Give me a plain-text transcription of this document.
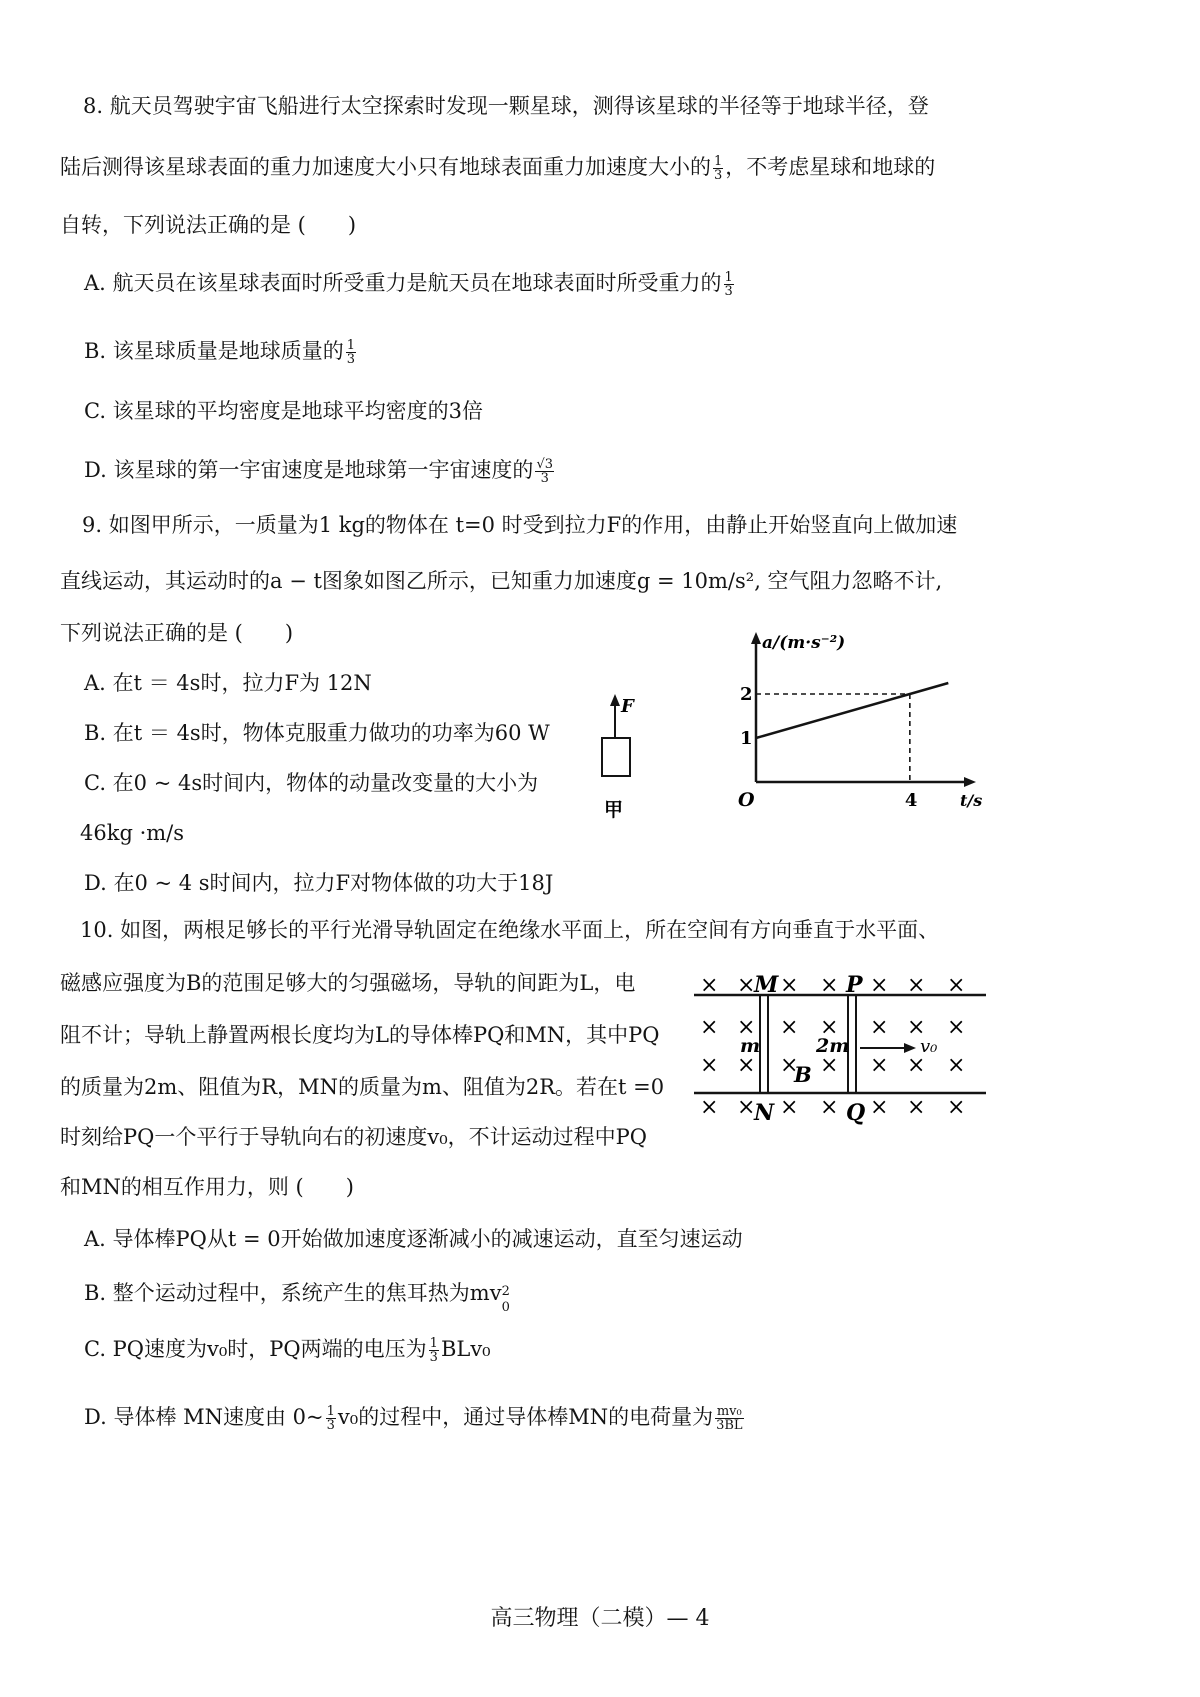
8. 航天员驾驶宇宙飞船进行太空探索时发现一颗星球，测得该星球的半径等于地球半径，登
陆后测得该星球表面的重力加速度大小只有地球表面重力加速度大小的 $\frac{1}{3}$ ，不考虑星球和地球的
自转，下列说法正确的是 (　　)
A. 航天员在该星球表面时所受重力是航天员在地球表面时所受重力的 $\frac{1}{3}$
B. 该星球质量是地球质量的 $\frac{1}{3}$
C. 该星球的平均密度是地球平均密度的3倍
D. 该星球的第一宇宙速度是地球第一宇宙速度的 $\frac{√3}{3}$
9. 如图甲所示，一质量为1 kg的物体在 t=0 时受到拉力F的作用，由静止开始竖直向上做加速
直线运动，其运动时的a − t图象如图乙所示，已知重力加速度g = 10m/s², 空气阻力忽略不计,
下列说法正确的是 (　　)
A. 在t ＝ 4s时，拉力F为 12N
B. 在t ＝ 4s时，物体克服重力做功的功率为60 W
C. 在0 ~ 4s时间内，物体的动量改变量的大小为
46kg ·m/s
D. 在0 ~ 4 s时间内，拉力F对物体做的功大于18J
F
甲
a/(m·s⁻²)
t/s
O
1
2
4
10. 如图，两根足够长的平行光滑导轨固定在绝缘水平面上，所在空间有方向垂直于水平面、
磁感应强度为B的范围足够大的匀强磁场，导轨的间距为L，电
阻不计；导轨上静置两根长度均为L的导体棒PQ和MN，其中PQ
的质量为2m、阻值为R，MN的质量为m、阻值为2R。若在t =0
时刻给PQ一个平行于导轨向右的初速度v₀，不计运动过程中PQ
和MN的相互作用力，则 (　　)
× × × × × × ×
× × × × × × ×
× × × × × × ×
× × × × × × ×
M
N
P
Q
m	2m
B
v₀
A. 导体棒PQ从t = 0开始做加速度逐渐减小的减速运动，直至匀速运动
B. 整个运动过程中，系统产生的焦耳热为mv 2
0
C. PQ速度为v₀时，PQ两端的电压为 $\frac{1}{3} BLv_0$
D. 导体棒 MN速度由 0~ $\frac{1}{3} v_0$的过程中，通过导体棒MN的电荷量为 $\frac{\text{mv₀}}{3BL}$
高三物理（二模）— 4
